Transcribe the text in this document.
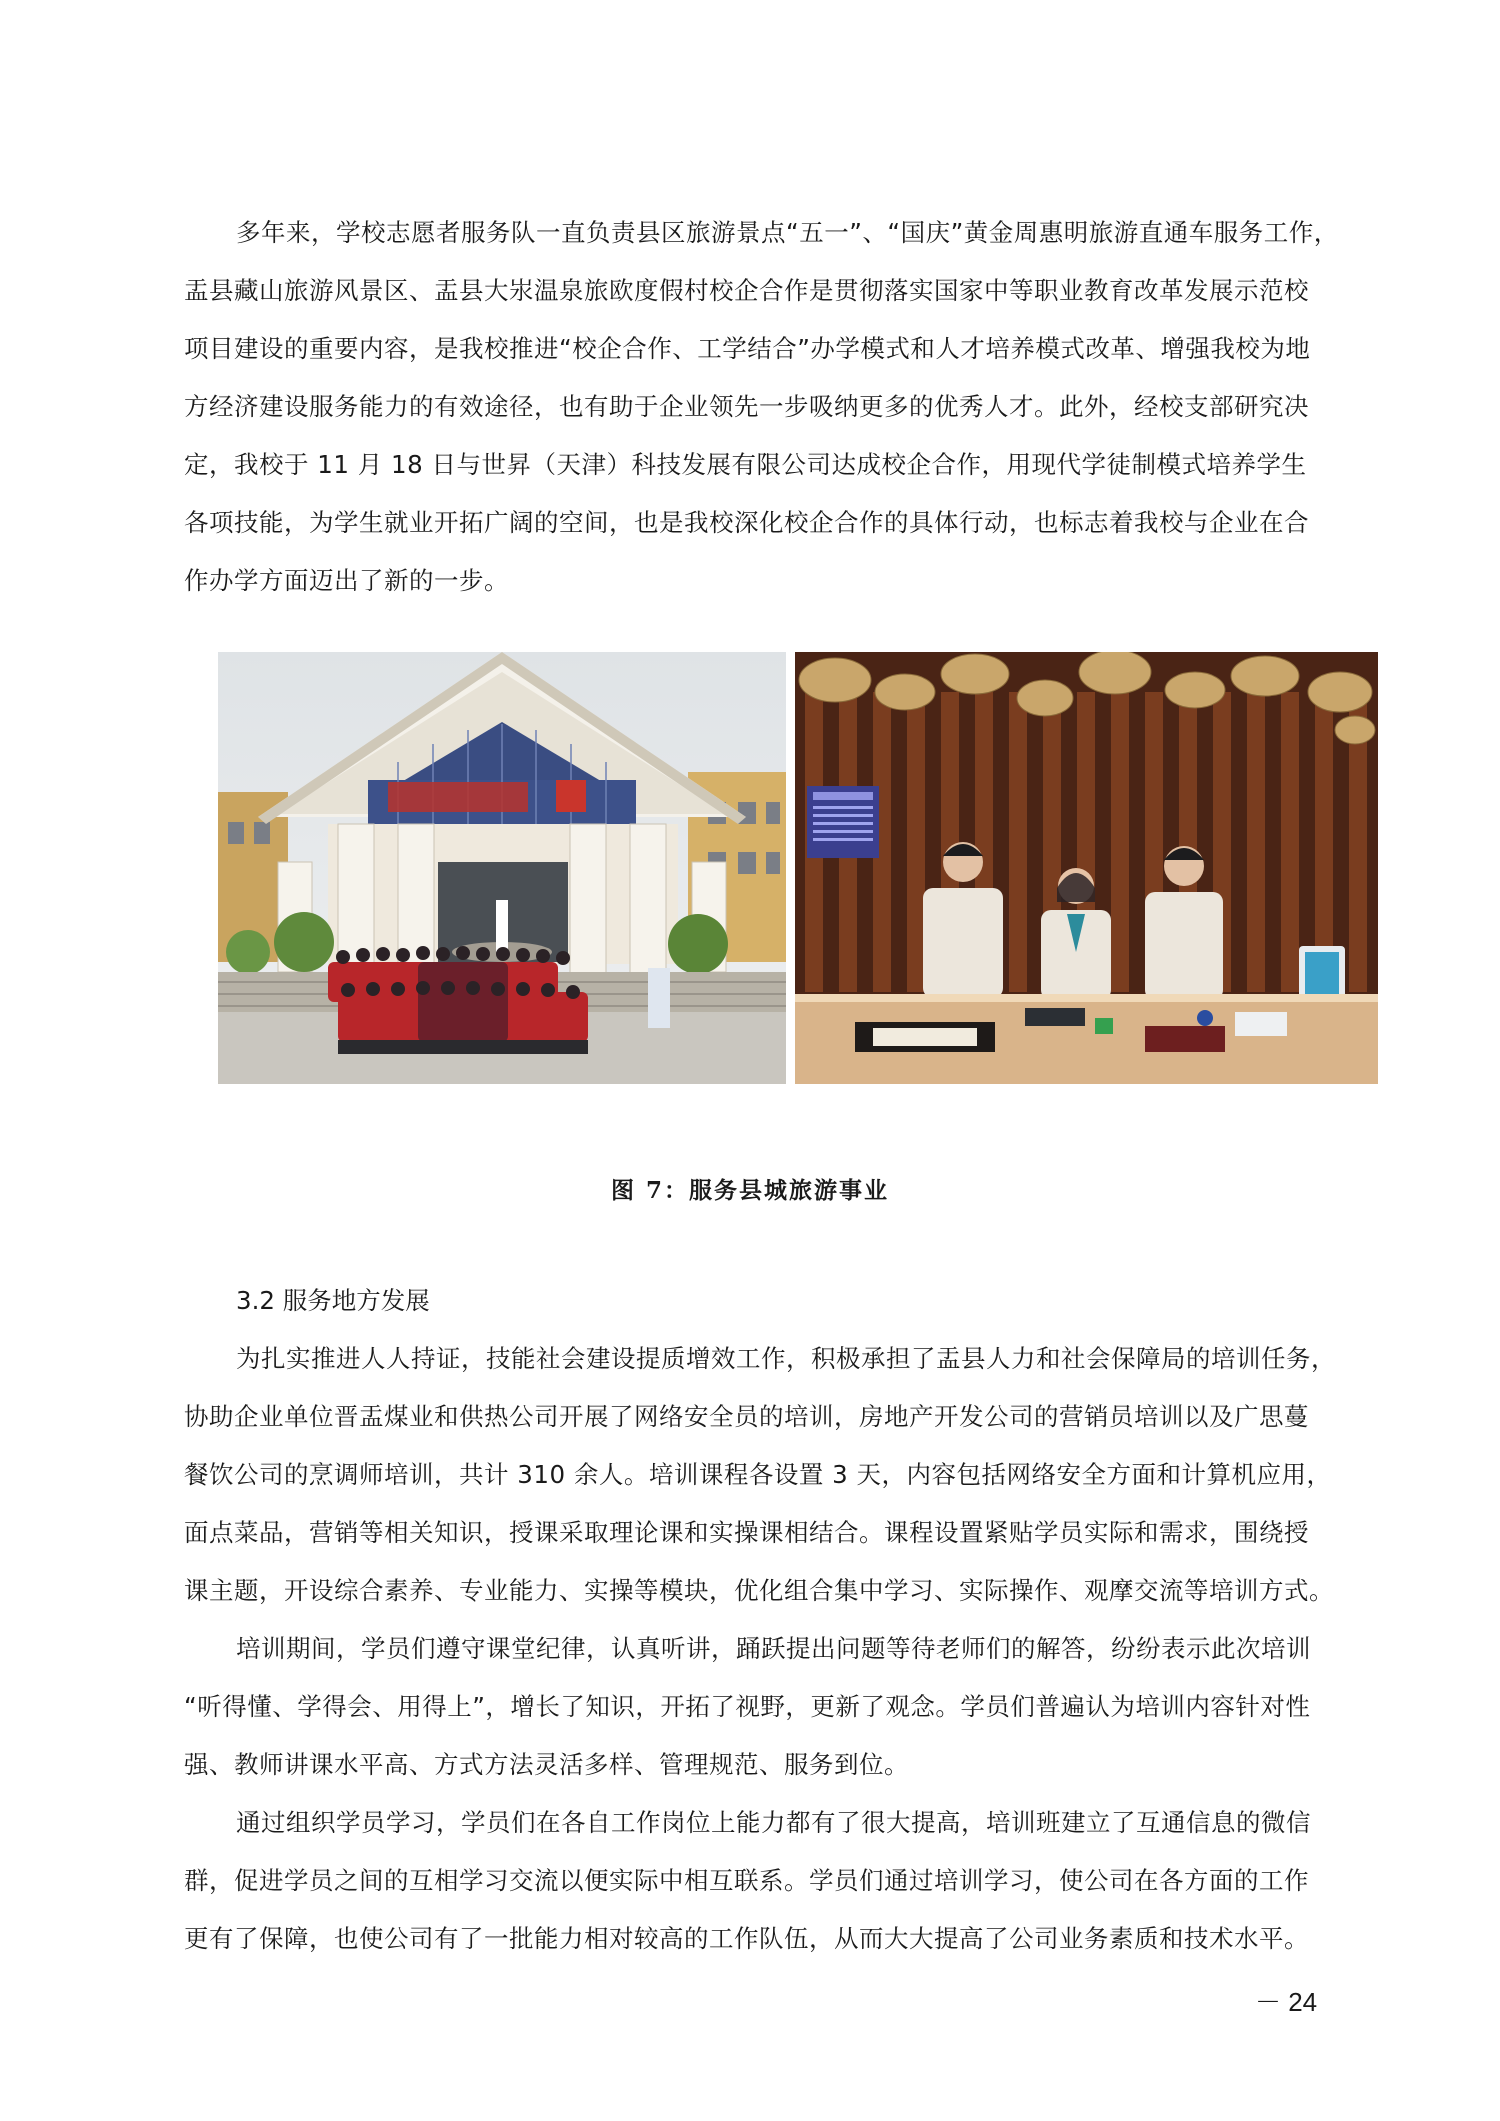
多年来，学校志愿者服务队一直负责县区旅游景点“五一”、“国庆”黄金周惠明旅游直通车服务工作，
盂县藏山旅游风景区、盂县大汖温泉旅欧度假村校企合作是贯彻落实国家中等职业教育改革发展示范校
项目建设的重要内容，是我校推进“校企合作、工学结合”办学模式和人才培养模式改革、增强我校为地
方经济建设服务能力的有效途径，也有助于企业领先一步吸纳更多的优秀人才。此外，经校支部研究决
定，我校于 11 月 18 日与世昇（天津）科技发展有限公司达成校企合作，用现代学徒制模式培养学生
各项技能，为学生就业开拓广阔的空间，也是我校深化校企合作的具体行动，也标志着我校与企业在合
作办学方面迈出了新的一步。
图 7：服务县城旅游事业
3.2 服务地方发展
为扎实推进人人持证，技能社会建设提质增效工作，积极承担了盂县人力和社会保障局的培训任务，
协助企业单位晋盂煤业和供热公司开展了网络安全员的培训，房地产开发公司的营销员培训以及广思蔓
餐饮公司的烹调师培训，共计 310 余人。培训课程各设置 3 天，内容包括网络安全方面和计算机应用，
面点菜品，营销等相关知识，授课采取理论课和实操课相结合。课程设置紧贴学员实际和需求，围绕授
课主题，开设综合素养、专业能力、实操等模块，优化组合集中学习、实际操作、观摩交流等培训方式。
培训期间，学员们遵守课堂纪律，认真听讲，踊跃提出问题等待老师们的解答，纷纷表示此次培训
“听得懂、学得会、用得上”，增长了知识，开拓了视野，更新了观念。学员们普遍认为培训内容针对性
强、教师讲课水平高、方式方法灵活多样、管理规范、服务到位。
通过组织学员学习，学员们在各自工作岗位上能力都有了很大提高，培训班建立了互通信息的微信
群，促进学员之间的互相学习交流以便实际中相互联系。学员们通过培训学习，使公司在各方面的工作
更有了保障，也使公司有了一批能力相对较高的工作队伍，从而大大提高了公司业务素质和技术水平。
－ 24
